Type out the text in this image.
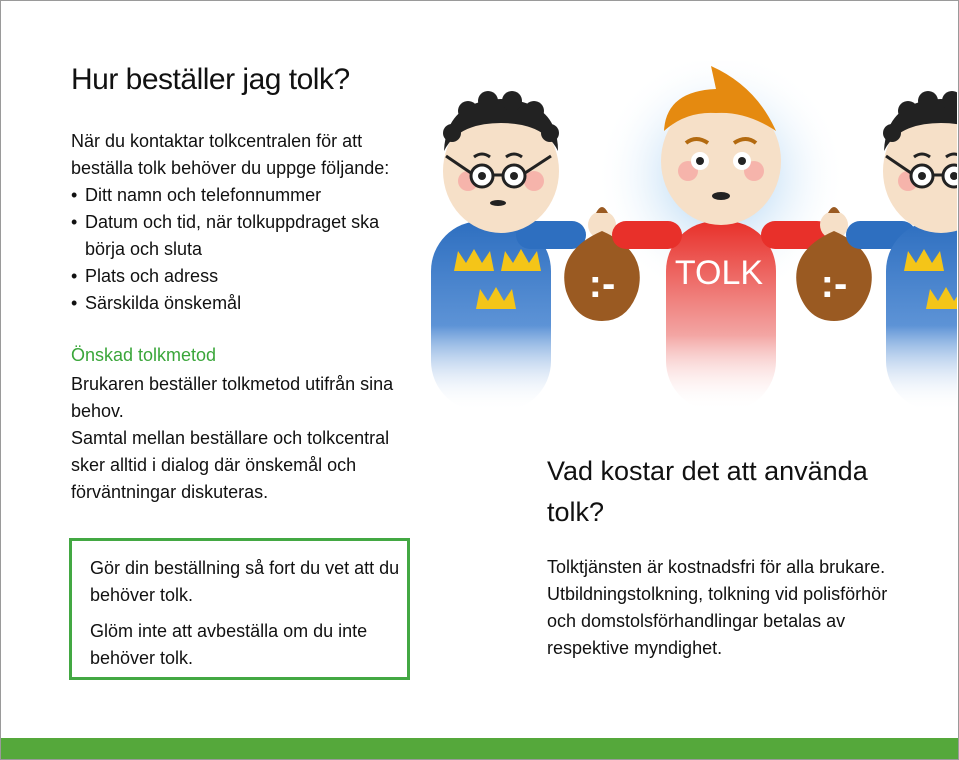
Hur beställer jag tolk?

När du kontaktar tolkcentralen för att beställa tolk behöver du uppge följande:

• Ditt namn och telefonnummer
• Datum och tid, när tolkuppdraget ska börja och sluta
• Plats och adress
• Särskilda önskemål
Önskad tolkmetod

Brukaren beställer tolkmetod utifrån sina behov.

Samtal mellan beställare och tolkcentral sker alltid i dialog där önskemål och förväntningar diskuteras.

Gör din beställning så fort du vet att du behöver tolk.

Glöm inte att avbeställa om du inte behöver tolk.

:- TOLK :-
Vad kostar det att använda tolk?

Tolktjänsten är kostnadsfri för alla brukare.

Utbildningstolkning, tolkning vid polisförhör och domstolsförhandlingar betalas av respektive myndighet.
